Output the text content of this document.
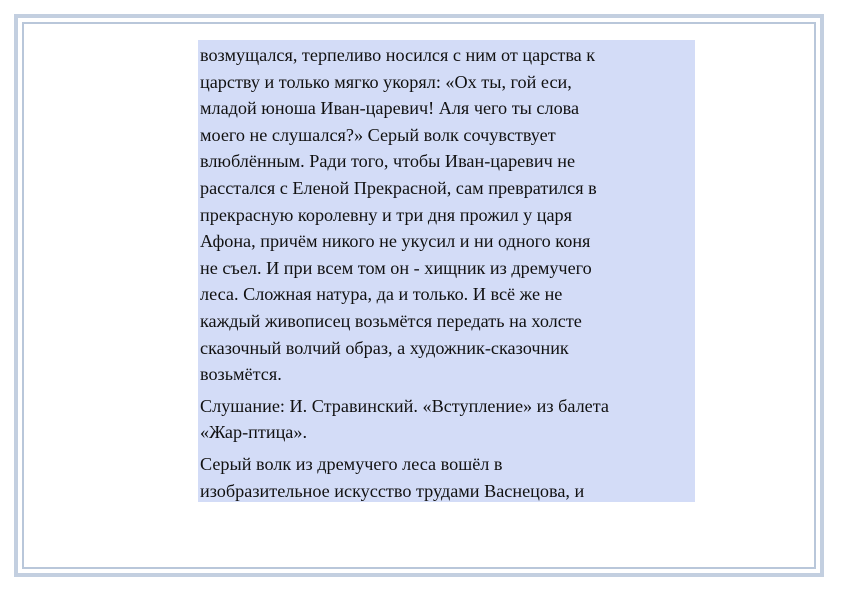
возмущался, терпеливо носился с ним от царства к
царству и только мягко укорял: «Ох ты, гой еси,
младой юноша Иван-царевич! Аля чего ты слова
моего не слушался?» Серый волк сочувствует
влюблённым. Ради того, чтобы Иван-царевич не
расстался с Еленой Прекрасной, сам превратился в
прекрасную королевну и три дня прожил у царя
Афона, причём никого не укусил и ни одного коня
не съел. И при всем том он - хищник из дремучего
леса. Сложная натура, да и только. И всё же не
каждый живописец возьмётся передать на холсте
сказочный волчий образ, а художник-сказочник
возьмётся.

Слушание: И. Стравинский. «Вступление» из балета
«Жар-птица».

Серый волк из дремучего леса вошёл в
изобразительное искусство трудами Васнецова, и
